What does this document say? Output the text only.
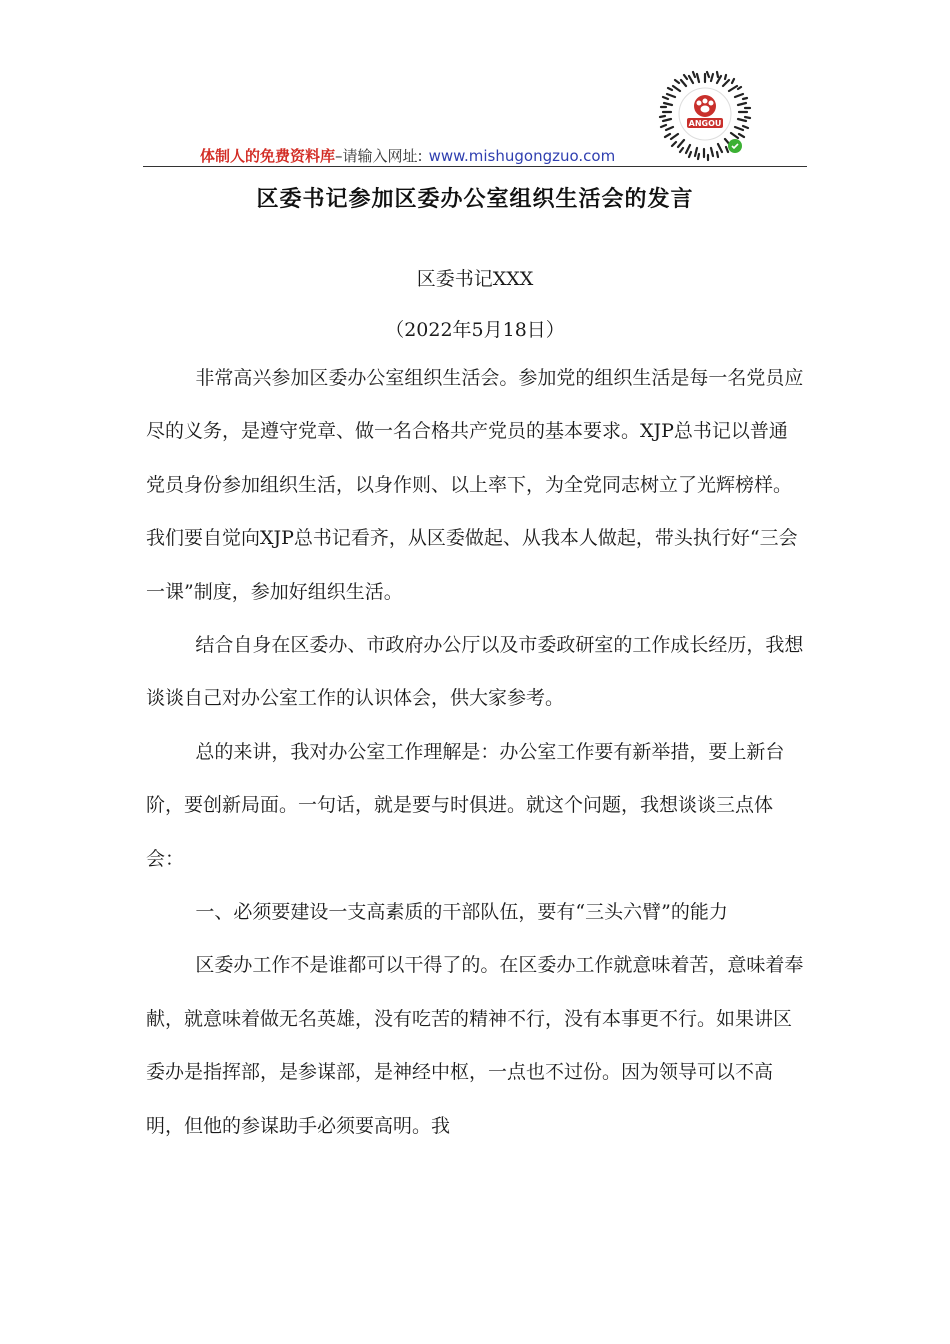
体制人的免费资料库–请输入网址: www.mishugongzuo.com
ANGOU
区委书记参加区委办公室组织生活会的发言
区委书记XXX
（2022年5月18日）

非常高兴参加区委办公室组织生活会。参加党的组织生活是每一名党员应尽的义务，是遵守党章、做一名合格共产党员的基本要求。XJP总书记以普通党员身份参加组织生活，以身作则、以上率下，为全党同志树立了光辉榜样。我们要自觉向XJP总书记看齐，从区委做起、从我本人做起，带头执行好“三会一课”制度，参加好组织生活。

结合自身在区委办、市政府办公厅以及市委政研室的工作成长经历，我想谈谈自己对办公室工作的认识体会，供大家参考。

总的来讲，我对办公室工作理解是：办公室工作要有新举措，要上新台阶，要创新局面。一句话，就是要与时俱进。就这个问题，我想谈谈三点体会：

一、必须要建设一支高素质的干部队伍，要有“三头六臂”的能力

区委办工作不是谁都可以干得了的。在区委办工作就意味着苦，意味着奉献，就意味着做无名英雄，没有吃苦的精神不行，没有本事更不行。如果讲区委办是指挥部，是参谋部，是神经中枢，一点也不过份。因为领导可以不高明，但他的参谋助手必须要高明。我
